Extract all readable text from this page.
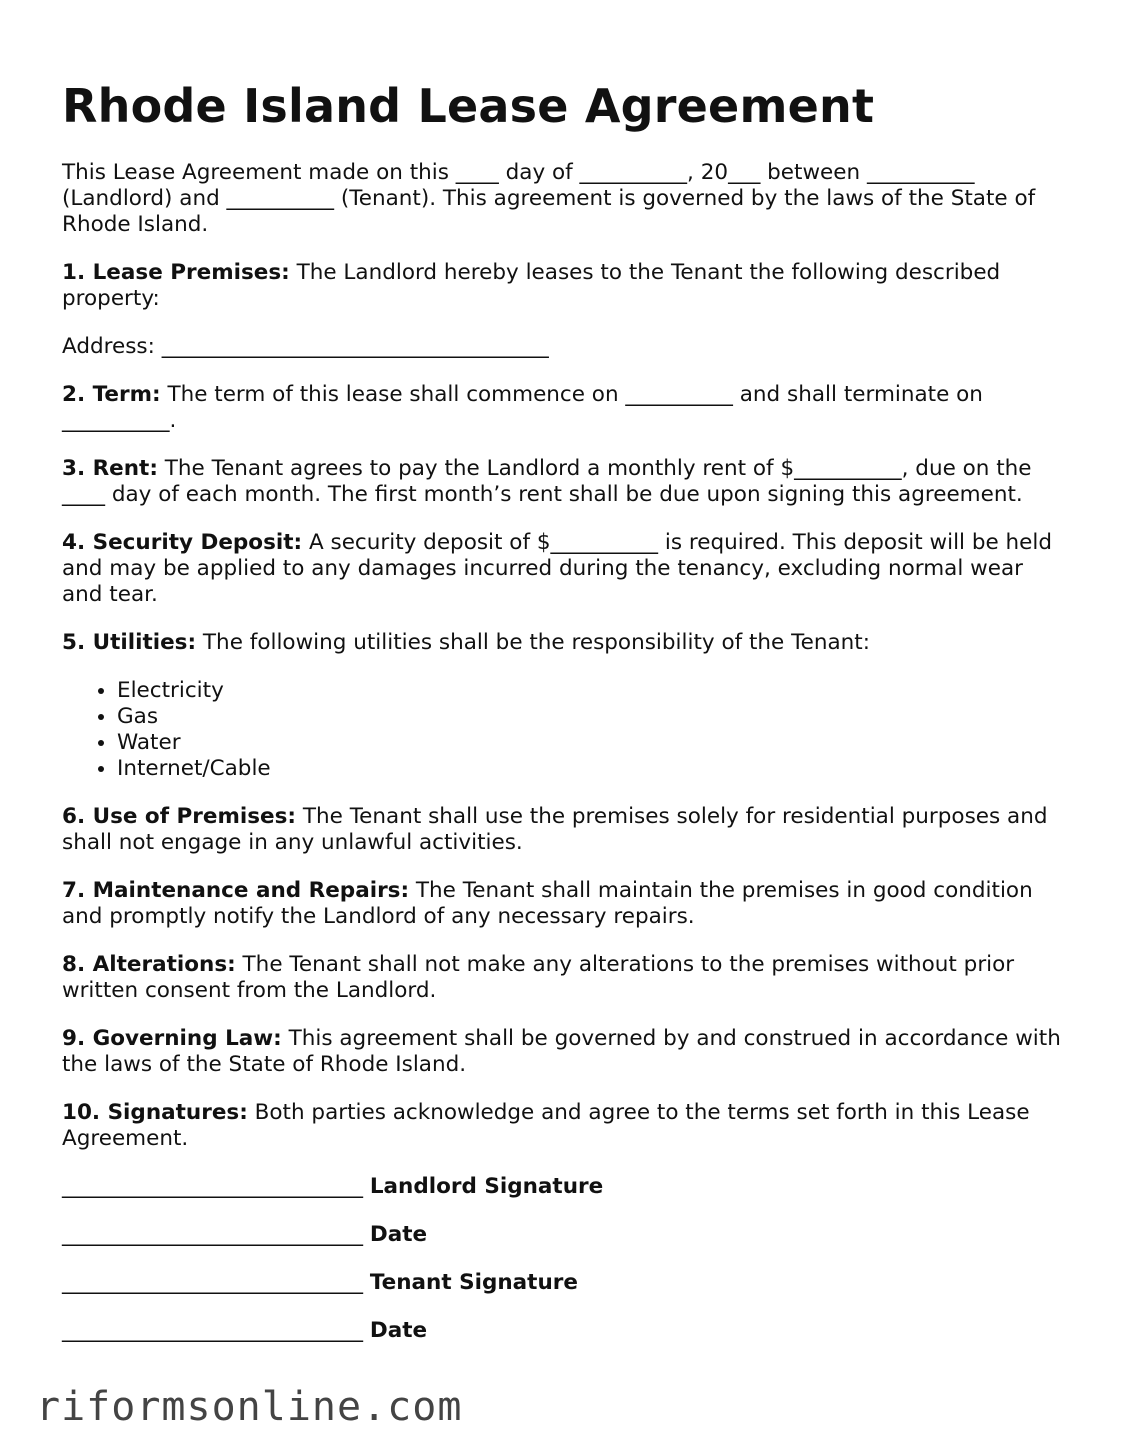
Rhode Island Lease Agreement

This Lease Agreement made on this ____ day of __________, 20___ between __________ (Landlord) and __________ (Tenant). This agreement is governed by the laws of the State of Rhode Island.

1. Lease Premises: The Landlord hereby leases to the Tenant the following described property:

Address: ____________________________________

2. Term: The term of this lease shall commence on __________ and shall terminate on __________.

3. Rent: The Tenant agrees to pay the Landlord a monthly rent of $__________, due on the ____ day of each month. The first month’s rent shall be due upon signing this agreement.

4. Security Deposit: A security deposit of $__________ is required. This deposit will be held and may be applied to any damages incurred during the tenancy, excluding normal wear and tear.

5. Utilities: The following utilities shall be the responsibility of the Tenant:

• Electricity
• Gas
• Water
• Internet/Cable

6. Use of Premises: The Tenant shall use the premises solely for residential purposes and shall not engage in any unlawful activities.

7. Maintenance and Repairs: The Tenant shall maintain the premises in good condition and promptly notify the Landlord of any necessary repairs.

8. Alterations: The Tenant shall not make any alterations to the premises without prior written consent from the Landlord.

9. Governing Law: This agreement shall be governed by and construed in accordance with the laws of the State of Rhode Island.

10. Signatures: Both parties acknowledge and agree to the terms set forth in this Lease Agreement.

____________________________ Landlord Signature
____________________________ Date
____________________________ Tenant Signature
____________________________ Date
riformsonline.com
